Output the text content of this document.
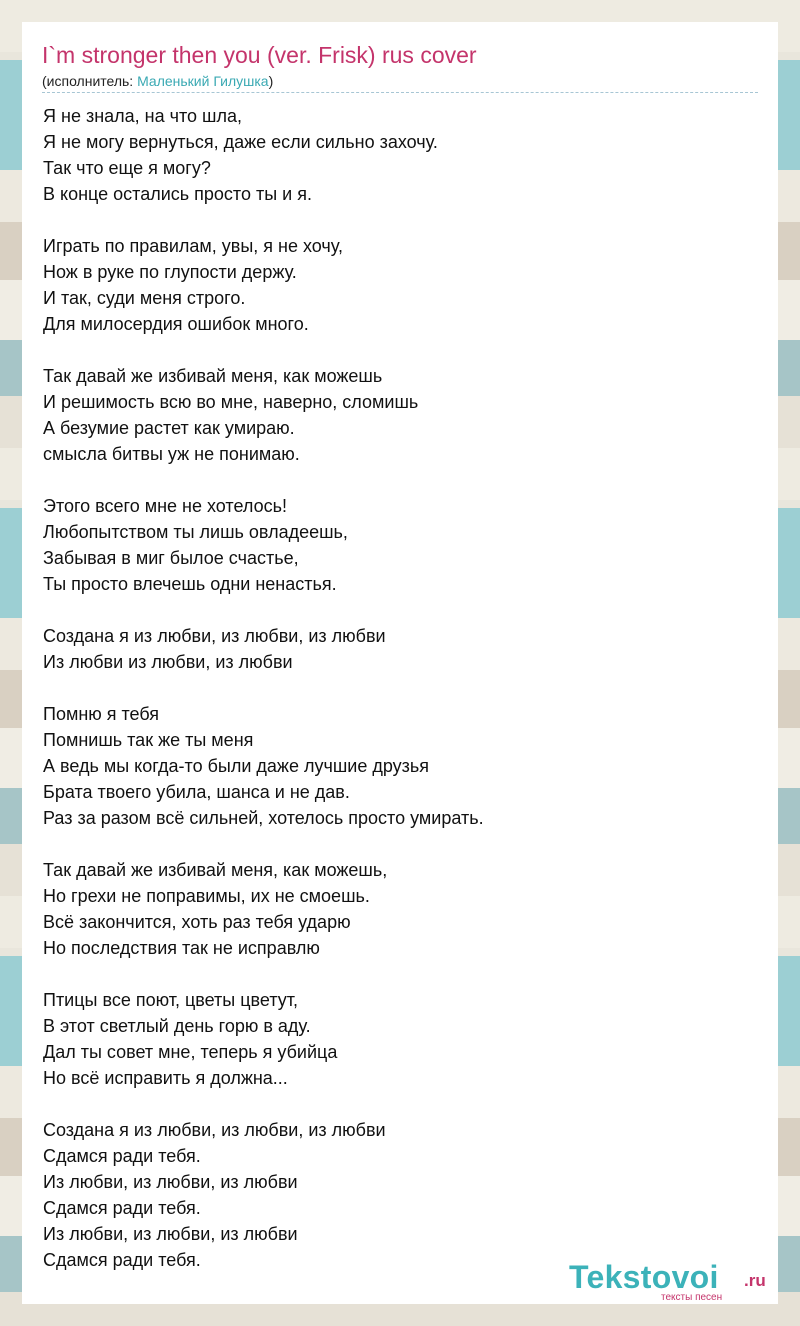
I`m stronger then you (ver. Frisk) rus cover
(исполнитель: Маленький Гилушка)
Я не знала, на что шла,
Я не могу вернуться, даже если сильно захочу.
Так что еще я могу?
В конце остались просто ты и я.
Играть по правилам, увы, я не хочу,
Нож в руке по глупости держу.
И так, суди меня строго.
Для милосердия ошибок много.
Так давай же избивай меня, как можешь
И решимость всю во мне, наверно, сломишь
А безумие растет как умираю.
смысла битвы уж не понимаю.
Этого всего мне не хотелось!
Любопытством ты лишь овладеешь,
Забывая в миг былое счастье,
Ты просто влечешь одни ненастья.
Создана я из любви, из любви, из любви
Из любви из любви, из любви
Помню я тебя
Помнишь так же ты меня
А ведь мы когда-то были даже лучшие друзья
Брата твоего убила, шанса и не дав.
Раз за разом всё сильней, хотелось просто умирать.
Так давай же избивай меня, как можешь,
Но грехи не поправимы, их не смоешь.
Всё закончится, хоть раз тебя ударю
Но последствия так не исправлю
Птицы все поют, цветы цветут,
В этот светлый день горю в аду.
Дал ты совет мне, теперь я убийца
Но всё исправить я должна...
Создана я из любви, из любви, из любви
Сдамся ради тебя.
Из любви, из любви, из любви
Сдамся ради тебя.
Из любви, из любви, из любви
Сдамся ради тебя.	Tekstovoi .ru
тексты песен
